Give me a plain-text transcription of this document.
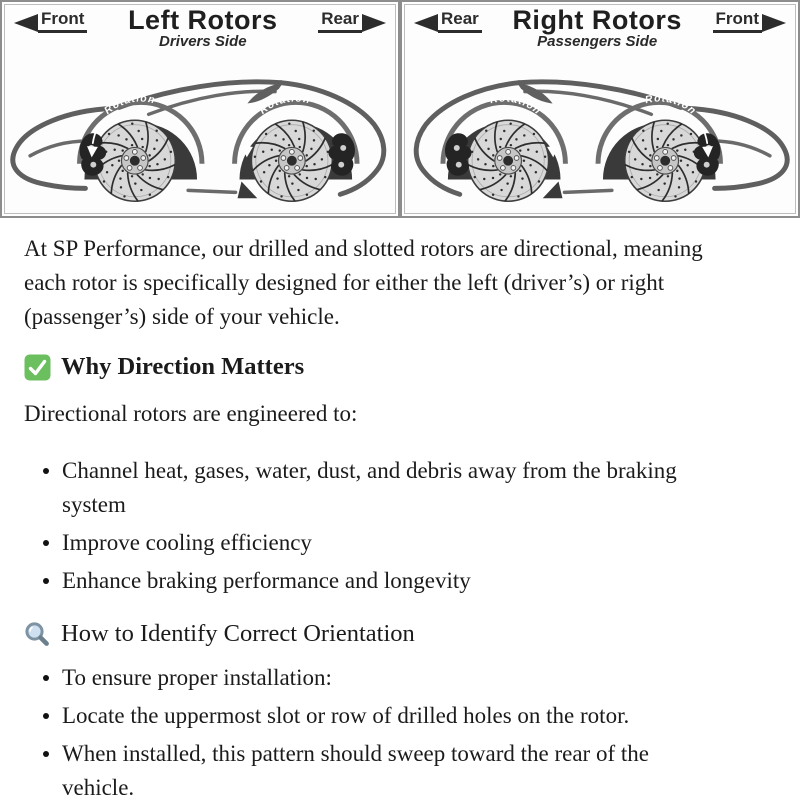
Front Left Rotors
Drivers Side
Rear
Rotation
Rotation
Rear Right Rotors
Passengers Side
Front
Rotation
Rotation

At SP Performance, our drilled and slotted rotors are directional, meaning each rotor is specifically designed for either the left (driver’s) or right (passenger’s) side of your vehicle.

Why Direction Matters

Directional rotors are engineered to:

Channel heat, gases, water, dust, and debris away from the braking system
Improve cooling efficiency
Enhance braking performance and longevity
How to Identify Correct Orientation
To ensure proper installation:
Locate the uppermost slot or row of drilled holes on the rotor.
When installed, this pattern should sweep toward the rear of the vehicle.
